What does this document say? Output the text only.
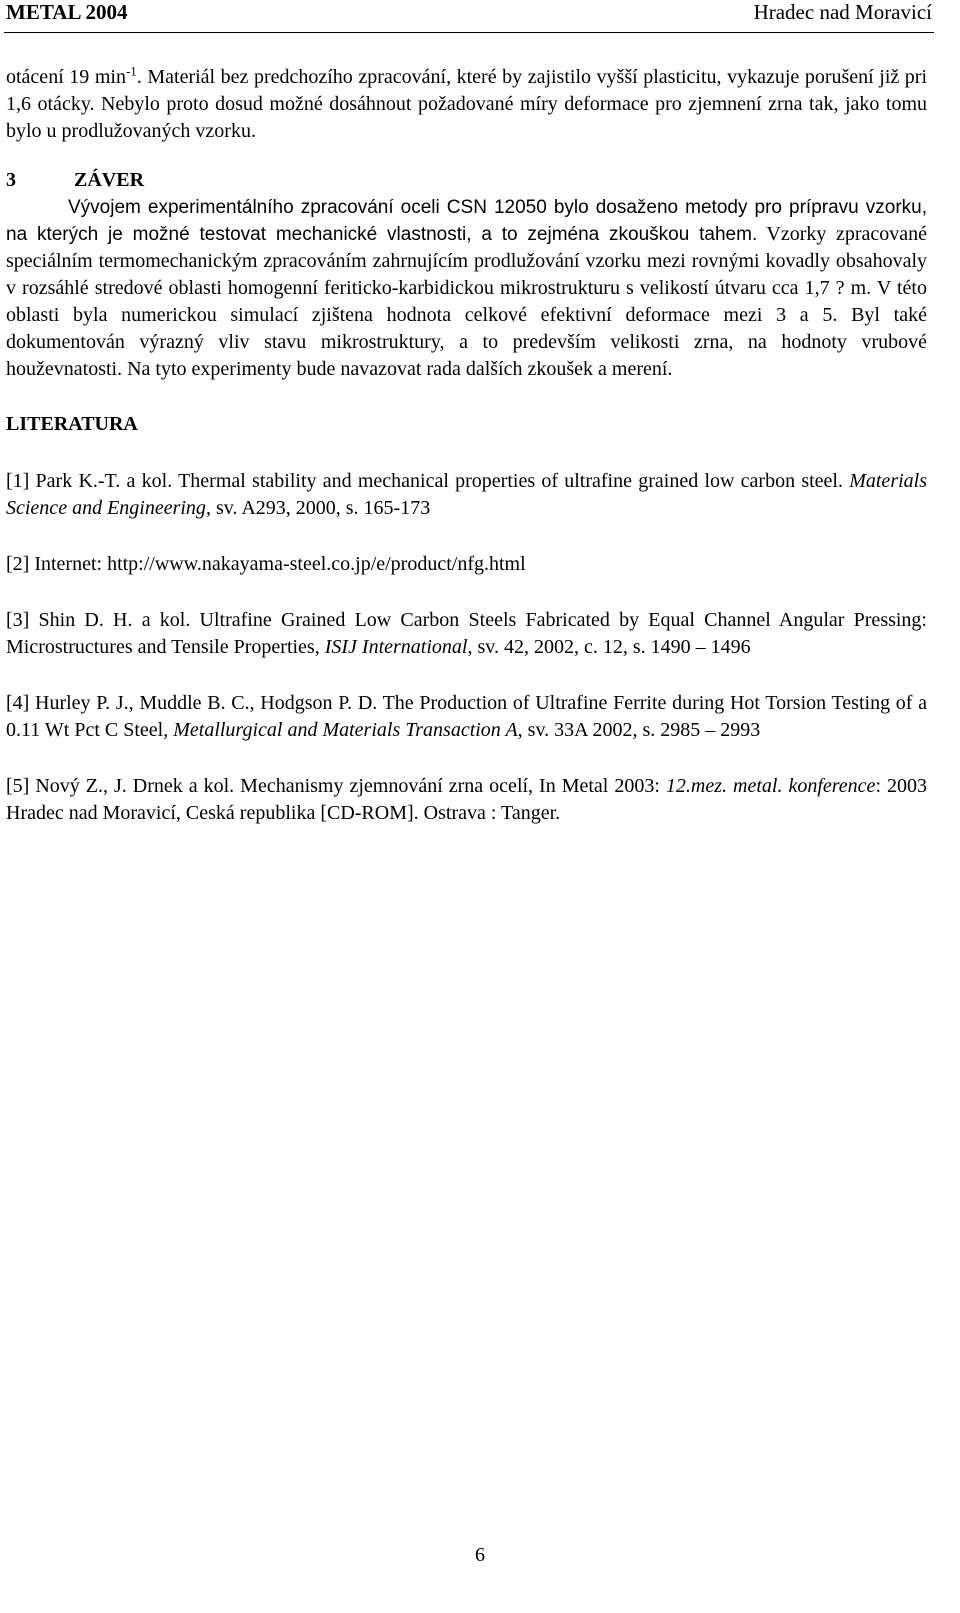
METAL 2004	Hradec nad Moravicí

otácení 19 $\min^{-1}$. Materiál bez predchozího zpracování, které by zajistilo vyšší plasticitu, vykazuje porušení již pri 1,6 otácky. Nebylo proto dosud možné dosáhnout požadované míry deformace pro zjemnení zrna tak, jako tomu bylo u prodlužovaných vzorku.

3	ZÁVER

Vývojem experimentálního zpracování oceli CSN 12050 bylo dosaženo metody pro prípravu vzorku, na kterých je možné testovat mechanické vlastnosti, a to zejména zkouškou tahem. Vzorky zpracované speciálním termomechanickým zpracováním zahrnujícím prodlužování vzorku mezi rovnými kovadly obsahovaly v rozsáhlé stredové oblasti homogenní feriticko-karbidickou mikrostrukturu s velikostí útvaru cca 1,7 ? m. V této oblasti byla numerickou simulací zjištena hodnota celkové efektivní deformace mezi 3 a 5. Byl také dokumentován výrazný vliv stavu mikrostruktury, a to predevším velikosti zrna, na hodnoty vrubové houževnatosti. Na tyto experimenty bude navazovat rada dalších zkoušek a merení.

LITERATURA

[1] Park K.-T. a kol. Thermal stability and mechanical properties of ultrafine grained low carbon steel. Materials Science and Engineering, sv. A293, 2000, s. 165-173

[2] Internet: http://www.nakayama-steel.co.jp/e/product/nfg.html

[3] Shin D. H. a kol. Ultrafine Grained Low Carbon Steels Fabricated by Equal Channel Angular Pressing: Microstructures and Tensile Properties, ISIJ International, sv. 42, 2002, c. 12, s. 1490 – 1496

[4] Hurley P. J., Muddle B. C., Hodgson P. D. The Production of Ultrafine Ferrite during Hot Torsion Testing of a 0.11 Wt Pct C Steel, Metallurgical and Materials Transaction A, sv. 33A 2002, s. 2985 – 2993

[5] Nový Z., J. Drnek a kol. Mechanismy zjemnování zrna ocelí, In Metal 2003: 12.mez. metal. konference: 2003 Hradec nad Moravicí, Ceská republika [CD-ROM]. Ostrava : Tanger.

6
